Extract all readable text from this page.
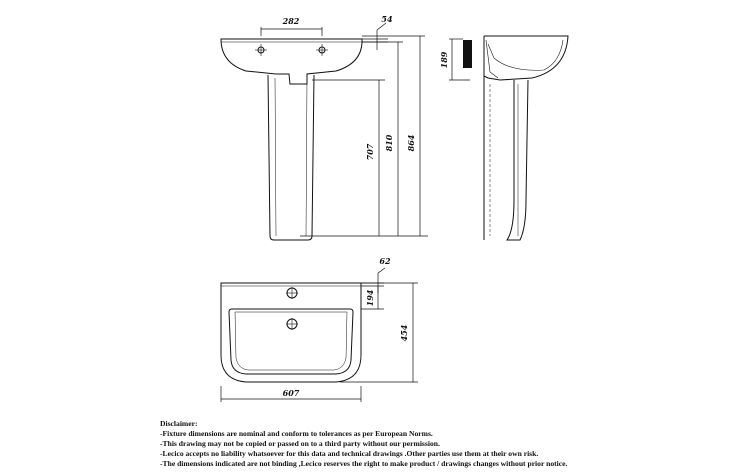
282	54
189
707
810 864
62
194
454
607
Disclaimer:
-Fixture dimensions are nominal and conform to tolerances as per European Norms.
-This drawing may not be copied or passed on to a third party without our permission.
-Lecico accepts no liability whatsoever for this data and technical drawings .Other parties use them at their own risk.
-The dimensions indicated are not binding ,Lecico reserves the right to make product / drawings changes without prior notice.
